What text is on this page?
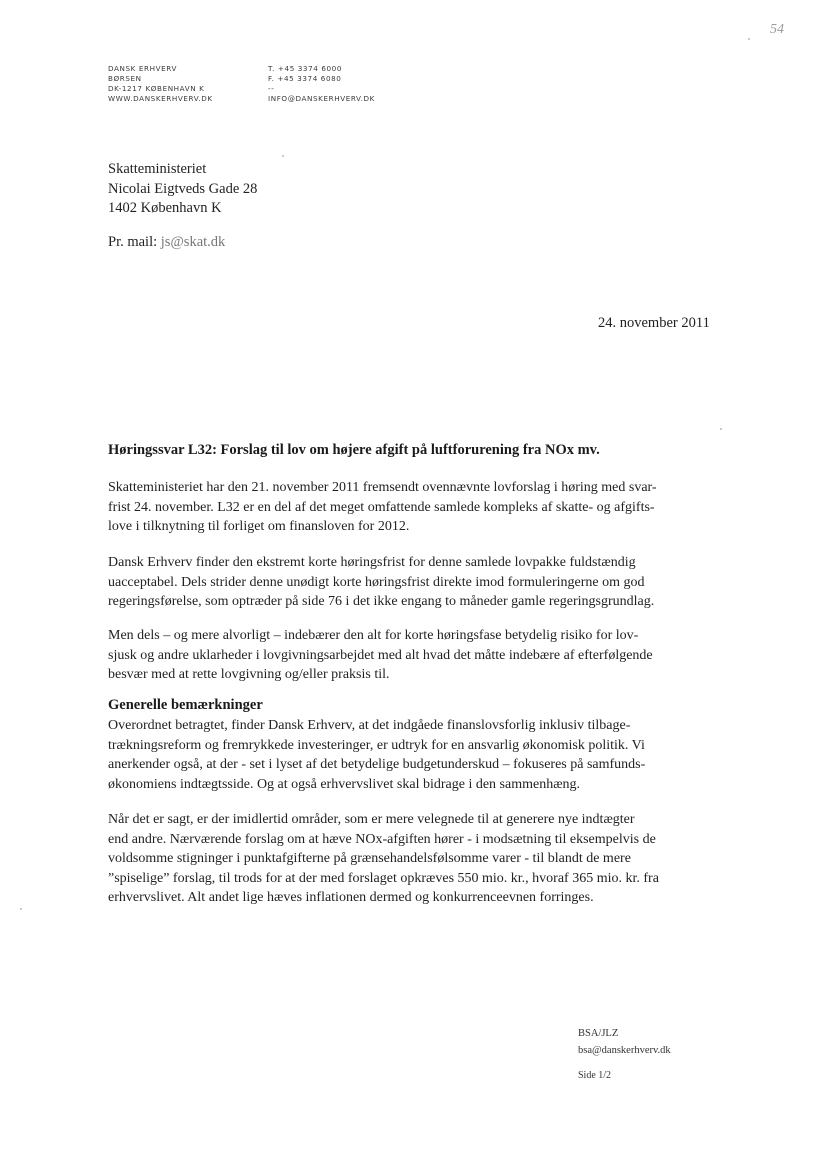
54
DANSK ERHVERV
BØRSEN
DK-1217 KØBENHAVN K
WWW.DANSKERHVERV.DK
T. +45 3374 6000
F. +45 3374 6080
--
INFO@DANSKERHVERV.DK
Skatteministeriet
Nicolai Eigtveds Gade 28
1402 København K
Pr. mail: js@skat.dk
24. november 2011
Høringssvar L32: Forslag til lov om højere afgift på luftforurening fra NOx mv.
Skatteministeriet har den 21. november 2011 fremsendt ovennævnte lovforslag i høring med svar-
frist 24. november. L32 er en del af det meget omfattende samlede kompleks af skatte- og afgifts-
love i tilknytning til forliget om finansloven for 2012.
Dansk Erhverv finder den ekstremt korte høringsfrist for denne samlede lovpakke fuldstændig
uacceptabel. Dels strider denne unødigt korte høringsfrist direkte imod formuleringerne om god
regeringsførelse, som optræder på side 76 i det ikke engang to måneder gamle regeringsgrundlag.
Men dels – og mere alvorligt – indebærer den alt for korte høringsfase betydelig risiko for lov-
sjusk og andre uklarheder i lovgivningsarbejdet med alt hvad det måtte indebære af efterfølgende
besvær med at rette lovgivning og/eller praksis til.
Generelle bemærkninger
Overordnet betragtet, finder Dansk Erhverv, at det indgåede finanslovsforlig inklusiv tilbage-
trækningsreform og fremrykkede investeringer, er udtryk for en ansvarlig økonomisk politik. Vi
anerkender også, at der - set i lyset af det betydelige budgetunderskud – fokuseres på samfunds-
økonomiens indtægtsside. Og at også erhvervslivet skal bidrage i den sammenhæng.
Når det er sagt, er der imidlertid områder, som er mere velegnede til at generere nye indtægter
end andre. Nærværende forslag om at hæve NOx-afgiften hører - i modsætning til eksempelvis de
voldsomme stigninger i punktafgifterne på grænsehandelsfølsomme varer - til blandt de mere
”spiselige” forslag, til trods for at der med forslaget opkræves 550 mio. kr., hvoraf 365 mio. kr. fra
erhvervslivet. Alt andet lige hæves inflationen dermed og konkurrenceevnen forringes.
BSA/JLZ
bsa@danskerhverv.dk
Side 1/2
